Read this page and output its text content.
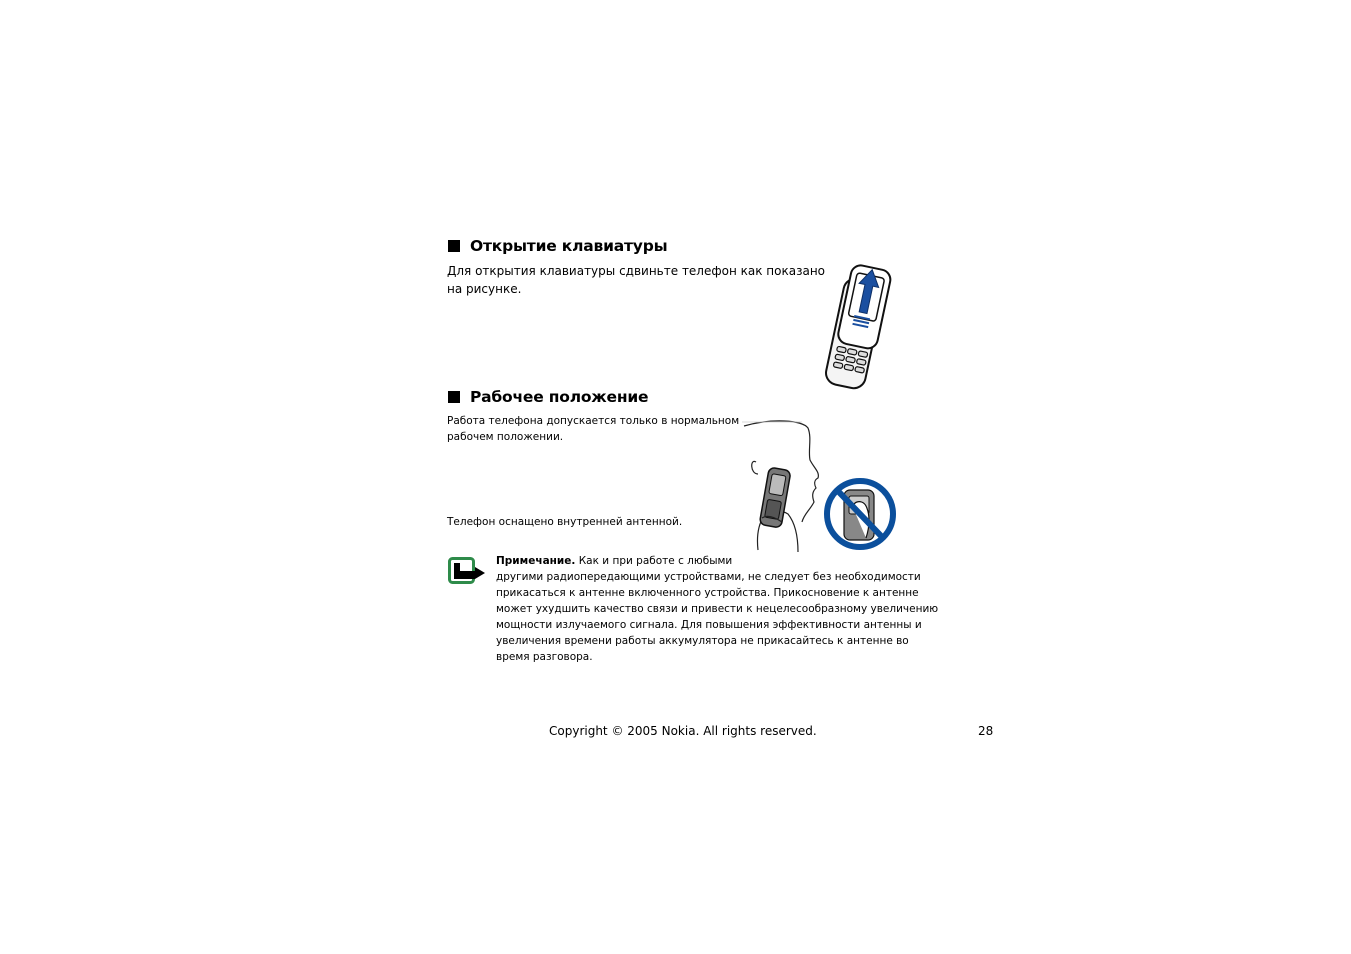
Открытие клавиатуры
Для открытия клавиатуры сдвиньте телефон как показано
на рисунке.
Рабочее положение
Работа телефона допускается только в нормальном
рабочем положении.
Телефон оснащено внутренней антенной.
Примечание. Как и при работе с любыми
другими радиопередающими устройствами, не следует без необходимости
прикасаться к антенне включенного устройства. Прикосновение к антенне
может ухудшить качество связи и привести к нецелесообразному увеличению
мощности излучаемого сигнала. Для повышения эффективности антенны и
увеличения времени работы аккумулятора не прикасайтесь к антенне во
время разговора.
Copyright © 2005 Nokia. All rights reserved.	28
